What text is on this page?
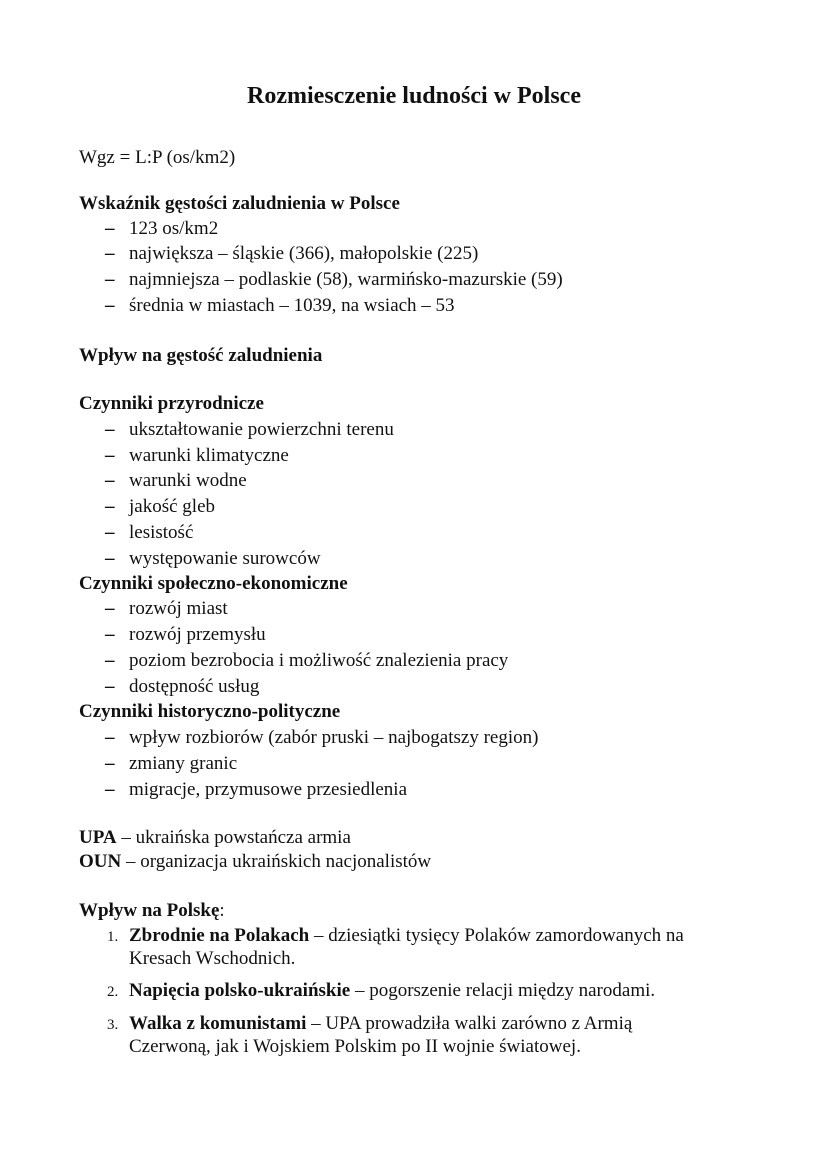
Rozmiesczenie ludności w Polsce
Wgz = L:P (os/km2)
Wskaźnik gęstości zaludnienia w Polsce
– 123 os/km2
– największa – śląskie (366), małopolskie (225)
– najmniejsza – podlaskie (58), warmińsko-mazurskie (59)
– średnia w miastach – 1039, na wsiach – 53
Wpływ na gęstość zaludnienia
Czynniki przyrodnicze
– ukształtowanie powierzchni terenu
– warunki klimatyczne
– warunki wodne
– jakość gleb
– lesistość
– występowanie surowców
Czynniki społeczno-ekonomiczne
– rozwój miast
– rozwój przemysłu
– poziom bezrobocia i możliwość znalezienia pracy
– dostępność usług
Czynniki historyczno-polityczne
– wpływ rozbiorów (zabór pruski – najbogatszy region)
– zmiany granic
– migracje, przymusowe przesiedlenia
UPA – ukraińska powstańcza armia
OUN – organizacja ukraińskich nacjonalistów
Wpływ na Polskę:
1. Zbrodnie na Polakach – dziesiątki tysięcy Polaków zamordowanych na
Kresach Wschodnich.
2. Napięcia polsko-ukraińskie – pogorszenie relacji między narodami.
3. Walka z komunistami – UPA prowadziła walki zarówno z Armią
Czerwoną, jak i Wojskiem Polskim po II wojnie światowej.
